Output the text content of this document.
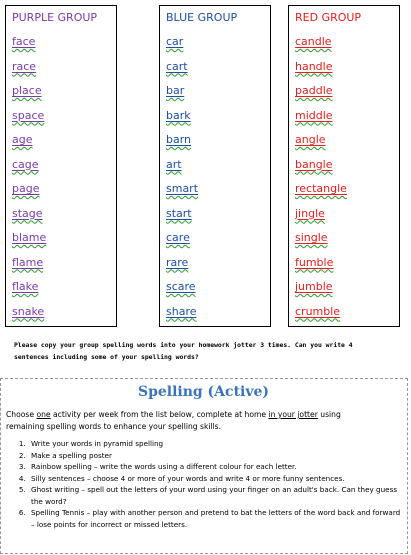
PURPLE GROUP
face
race
place
space
age
cage
page
stage
blame
flame
flake
snake
BLUE GROUP
car
cart
bar
bark
barn
art
smart
start
care
rare
scare
share
RED GROUP
candle
handle
paddle
middle
angle
bangle
rectangle
jingle
single
fumble
jumble
crumble

Please copy your group spelling words into your homework jotter 3 times. Can you write 4

sentences including some of your spelling words?

Spelling (Active)

Choose one activity per week from the list below, complete at home in your jotter using
remaining spelling words to enhance your spelling skills.

1. Write your words in pyramid spelling
2. Make a spelling poster
3. Rainbow spelling – write the words using a different colour for each letter.
4. Silly sentences – choose 4 or more of your words and write 4 or more funny sentences.
5. Ghost writing – spell out the letters of your word using your finger on an adult's back. Can they guess the word?
6. Spelling Tennis – play with another person and pretend to bat the letters of the word back and forward – lose points for incorrect or missed letters.
